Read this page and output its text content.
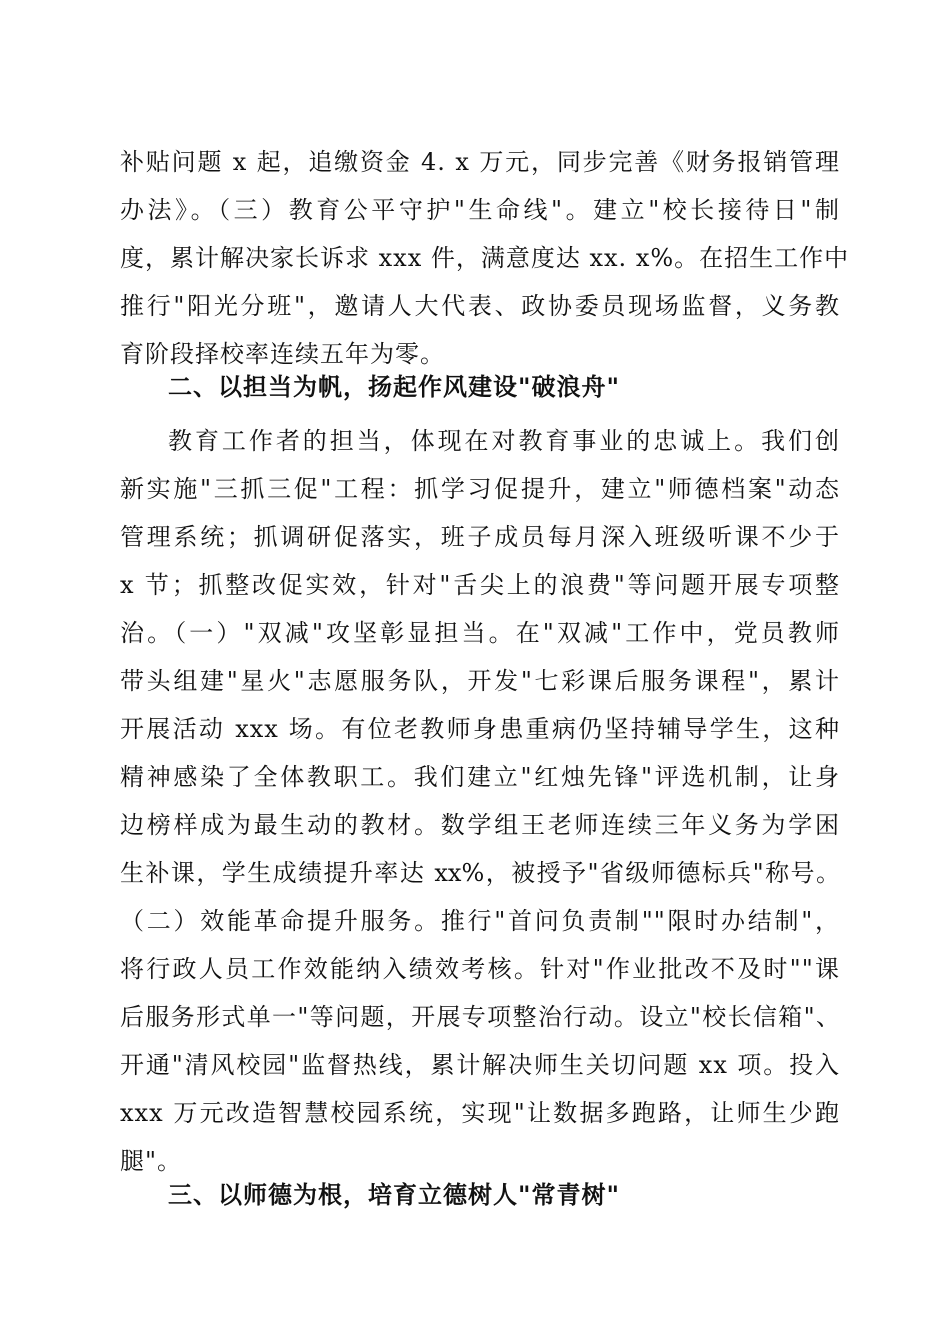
补贴问题 x 起，追缴资金 4. x 万元，同步完善《财务报销管理
办法》。（三）教育公平守护"生命线"。建立"校长接待日"制
度，累计解决家长诉求 xxx 件，满意度达 xx. x%。在招生工作中
推行"阳光分班"，邀请人大代表、政协委员现场监督，义务教
育阶段择校率连续五年为零。
二、以担当为帆，扬起作风建设"破浪舟"
教育工作者的担当，体现在对教育事业的忠诚上。我们创
新实施"三抓三促"工程：抓学习促提升，建立"师德档案"动态
管理系统；抓调研促落实，班子成员每月深入班级听课不少于
x 节；抓整改促实效，针对"舌尖上的浪费"等问题开展专项整
治。（一）"双减"攻坚彰显担当。在"双减"工作中，党员教师
带头组建"星火"志愿服务队，开发"七彩课后服务课程"，累计
开展活动 xxx 场。有位老教师身患重病仍坚持辅导学生，这种
精神感染了全体教职工。我们建立"红烛先锋"评选机制，让身
边榜样成为最生动的教材。数学组王老师连续三年义务为学困
生补课，学生成绩提升率达 xx%，被授予"省级师德标兵"称号。
（二）效能革命提升服务。推行"首问负责制""限时办结制"，
将行政人员工作效能纳入绩效考核。针对"作业批改不及时""课
后服务形式单一"等问题，开展专项整治行动。设立"校长信箱"、
开通"清风校园"监督热线，累计解决师生关切问题 xx 项。投入
xxx 万元改造智慧校园系统，实现"让数据多跑路，让师生少跑
腿"。
三、以师德为根，培育立德树人"常青树"
